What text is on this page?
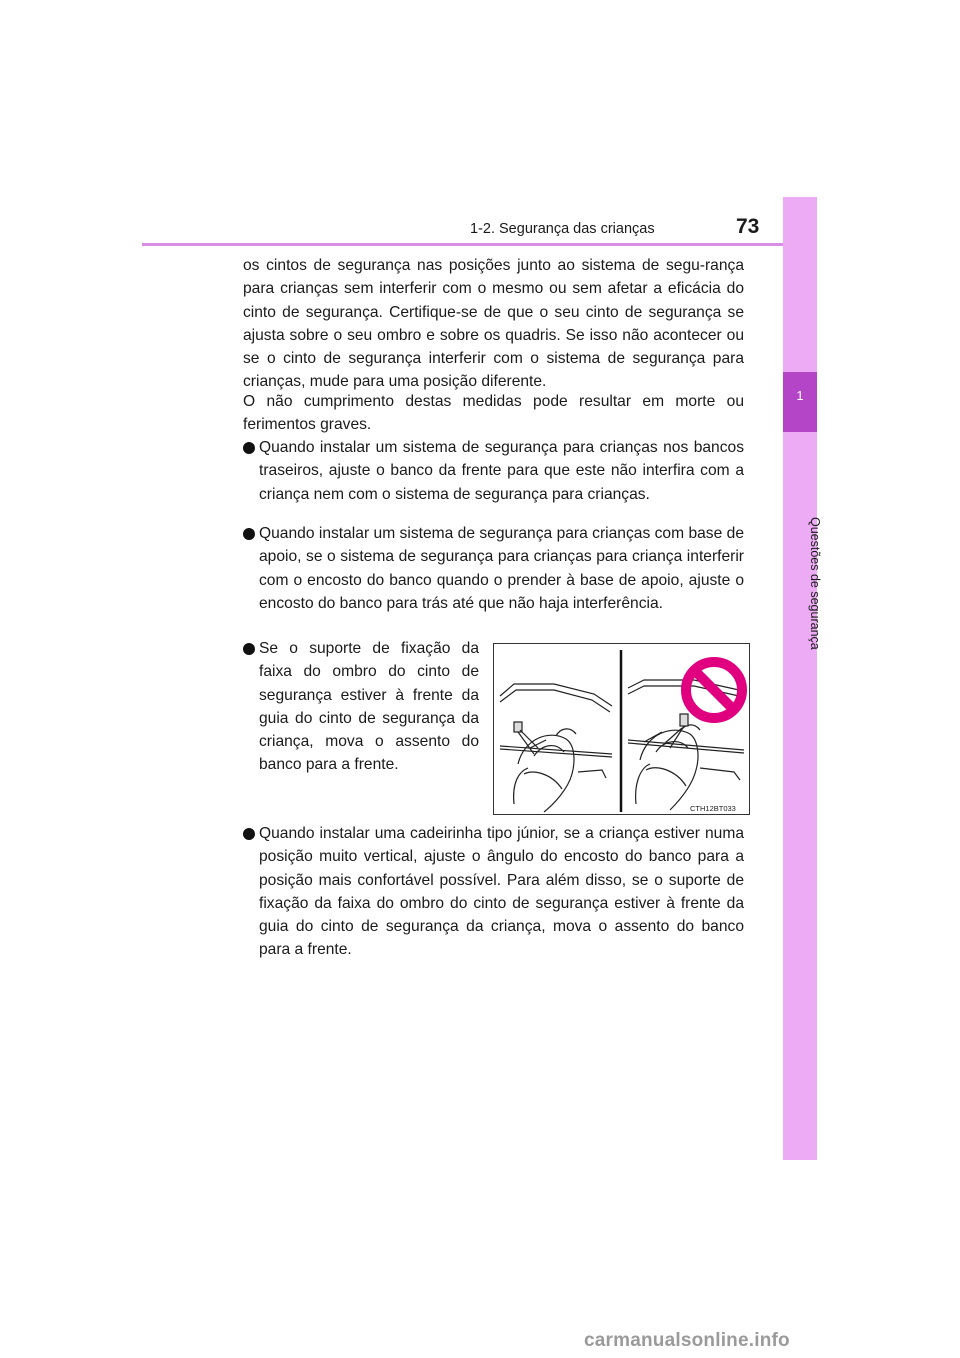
1-2. Segurança das crianças	73
1
Questões de segurança
os cintos de segurança nas posições junto ao sistema de segu-rança para crianças sem interferir com o mesmo ou sem afetar a eficácia do cinto de segurança. Certifique-se de que o seu cinto de segurança se ajusta sobre o seu ombro e sobre os quadris. Se isso não acontecer ou se o cinto de segurança interferir com o sistema de segurança para crianças, mude para uma posição diferente.
O não cumprimento destas medidas pode resultar em morte ou ferimentos graves.
Quando instalar um sistema de segurança para crianças nos bancos traseiros, ajuste o banco da frente para que este não interfira com a criança nem com o sistema de segurança para crianças.
Quando instalar um sistema de segurança para crianças com base de apoio, se o sistema de segurança para crianças para criança interferir com o encosto do banco quando o prender à base de apoio, ajuste o encosto do banco para trás até que não haja interferência.
Se o suporte de fixação da faixa do ombro do cinto de segurança estiver à frente da guia do cinto de segurança da criança, mova o assento do banco para a frente.
CTH12BT033
Quando instalar uma cadeirinha tipo júnior, se a criança estiver numa posição muito vertical, ajuste o ângulo do encosto do banco para a posição mais confortável possível. Para além disso, se o suporte de fixação da faixa do ombro do cinto de segurança estiver à frente da guia do cinto de segurança da criança, mova o assento do banco para a frente.
carmanualsonline.info
